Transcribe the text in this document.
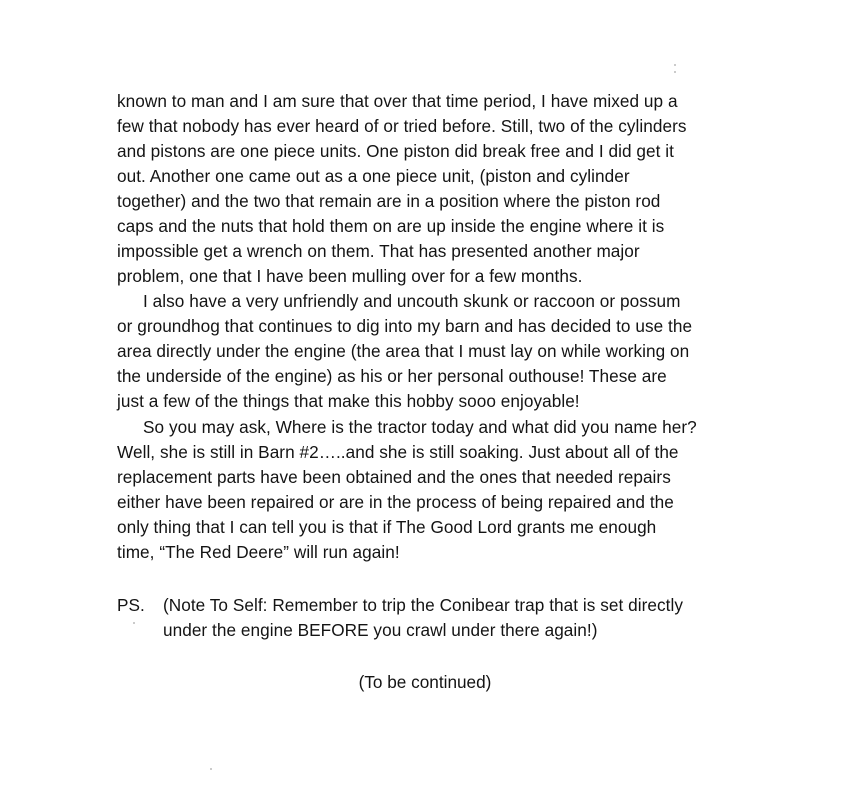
known to man and I am sure that over that time period, I have mixed up a
few that nobody has ever heard of or tried before. Still, two of the cylinders
and pistons are one piece units. One piston did break free and I did get it
out. Another one came out as a one piece unit, (piston and cylinder
together) and the two that remain are in a position where the piston rod
caps and the nuts that hold them on are up inside the engine where it is
impossible get a wrench on them. That has presented another major
problem, one that I have been mulling over for a few months.
I also have a very unfriendly and uncouth skunk or raccoon or possum
or groundhog that continues to dig into my barn and has decided to use the
area directly under the engine (the area that I must lay on while working on
the underside of the engine) as his or her personal outhouse! These are
just a few of the things that make this hobby sooo enjoyable!
So you may ask, Where is the tractor today and what did you name her?
Well, she is still in Barn #2…..and she is still soaking. Just about all of the
replacement parts have been obtained and the ones that needed repairs
either have been repaired or are in the process of being repaired and the
only thing that I can tell you is that if The Good Lord grants me enough
time, “The Red Deere” will run again!
PS. (Note To Self: Remember to trip the Conibear trap that is set directly
under the engine BEFORE you crawl under there again!)
(To be continued)
